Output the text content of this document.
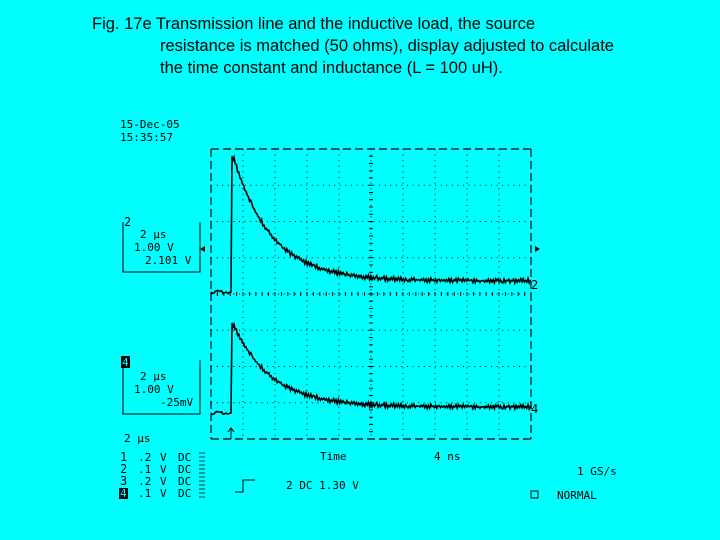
Fig. 17e Transmission line and the inductive load, the source
resistance is matched (50 ohms), display adjusted to calculate
the time constant and inductance (L = 100 uH).
15-Dec-05
15:35:57
2
2 μs
1.00 V
2.101 V
4
2 μs
1.00 V
-25mV
2
4
2 μs
1 .2 V DC
2 .1 V DC
3 .2 V DC
4 .1 V DC
Time	4 ns
1 GS/s
2 DC 1.30 V
NORMAL
